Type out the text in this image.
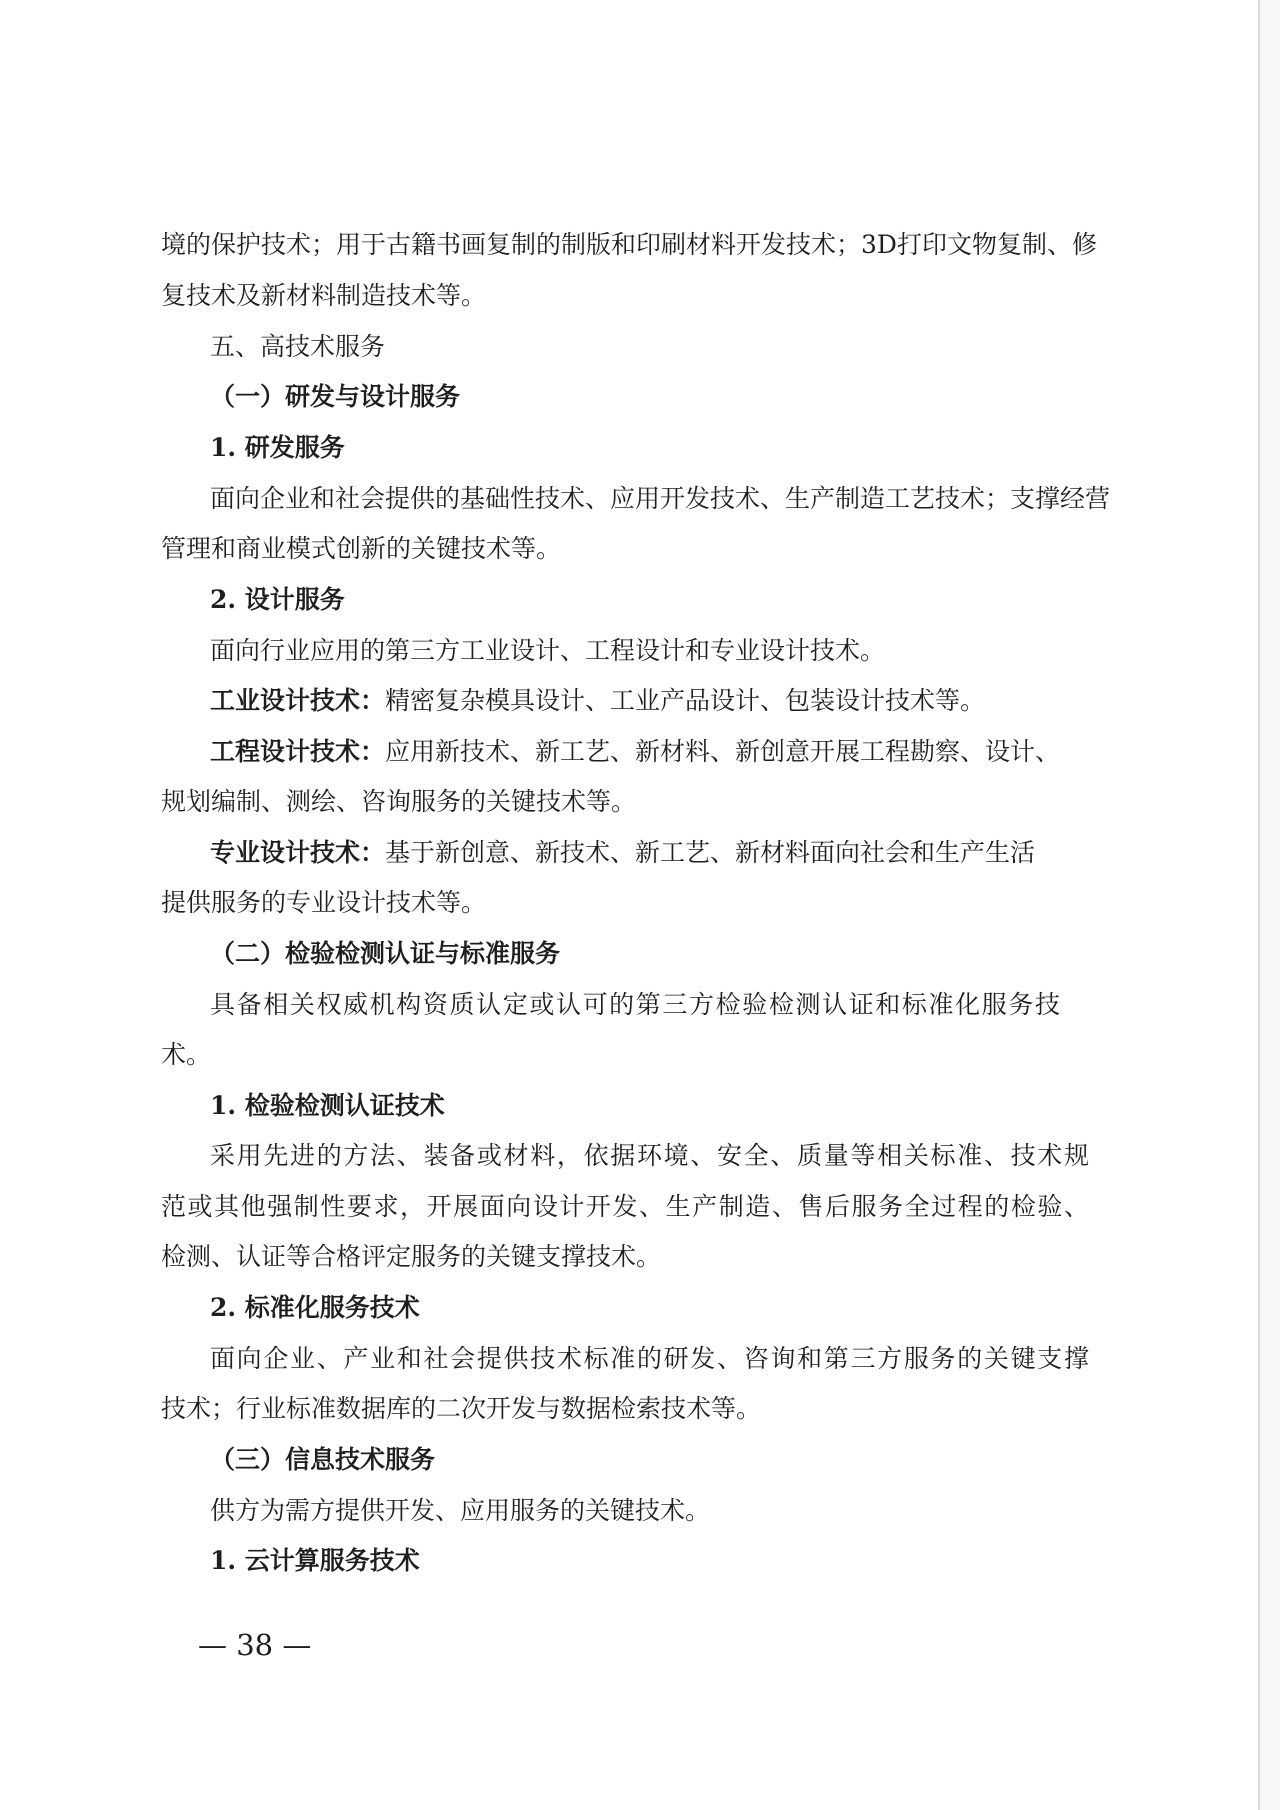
境的保护技术；用于古籍书画复制的制版和印刷材料开发技术；3D打印文物复制、修
复技术及新材料制造技术等。
五、高技术服务
（一）研发与设计服务
1. 研发服务
面向企业和社会提供的基础性技术、应用开发技术、生产制造工艺技术；支撑经营
管理和商业模式创新的关键技术等。
2. 设计服务
面向行业应用的第三方工业设计、工程设计和专业设计技术。
工业设计技术：精密复杂模具设计、工业产品设计、包装设计技术等。
工程设计技术：应用新技术、新工艺、新材料、新创意开展工程勘察、设计、
规划编制、测绘、咨询服务的关键技术等。
专业设计技术：基于新创意、新技术、新工艺、新材料面向社会和生产生活
提供服务的专业设计技术等。
（二）检验检测认证与标准服务
具备相关权威机构资质认定或认可的第三方检验检测认证和标准化服务技
术。
1. 检验检测认证技术
采用先进的方法、装备或材料，依据环境、安全、质量等相关标准、技术规
范或其他强制性要求，开展面向设计开发、生产制造、售后服务全过程的检验、
检测、认证等合格评定服务的关键支撑技术。
2. 标准化服务技术
面向企业、产业和社会提供技术标准的研发、咨询和第三方服务的关键支撑
技术；行业标准数据库的二次开发与数据检索技术等。
（三）信息技术服务
供方为需方提供开发、应用服务的关键技术。
1. 云计算服务技术
— 38 —
